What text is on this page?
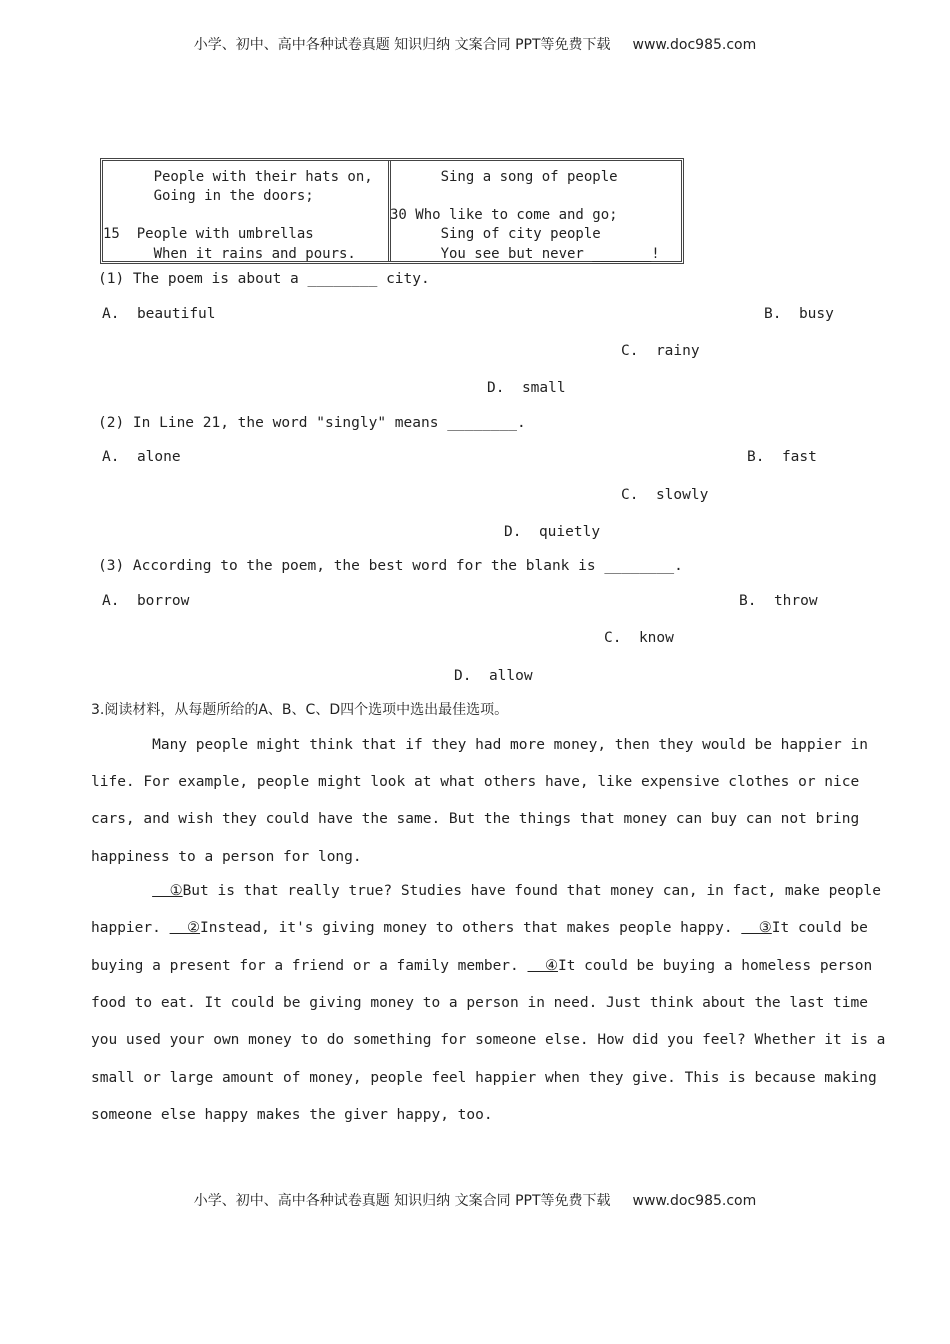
小学、初中、高中各种试卷真题 知识归纳 文案合同 PPT等免费下载 www.doc985.com
People with their hats on,
Going in the doors;
15  People with umbrellas
When it rains and pours.
Sing a song of people
30 Who like to come and go;
Sing of city people
You see but never _______!
(1) The poem is about a ________ city.
A. beautiful	B. busy
C. rainy
D. small
(2) In Line 21, the word "singly" means ________.
A. alone	B. fast
C. slowly
D. quietly
(3) According to the poem, the best word for the blank is ________.
A. borrow	B. throw
C. know
D. allow
3.阅读材料，从每题所给的A、B、C、D四个选项中选出最佳选项。
Many people might think that if they had more money, then they would be happier in
life. For example, people might look at what others have, like expensive clothes or nice
cars, and wish they could have the same. But the things that money can buy can not bring
happiness to a person for long.
①But is that really true? Studies have found that money can, in fact, make people
happier.   ②Instead, it's giving money to others that makes people happy.   ③It could be
buying a present for a friend or a family member.   ④It could be buying a homeless person
food to eat. It could be giving money to a person in need. Just think about the last time
you used your own money to do something for someone else. How did you feel? Whether it is a
small or large amount of money, people feel happier when they give. This is because making
someone else happy makes the giver happy, too.
小学、初中、高中各种试卷真题 知识归纳 文案合同 PPT等免费下载 www.doc985.com
